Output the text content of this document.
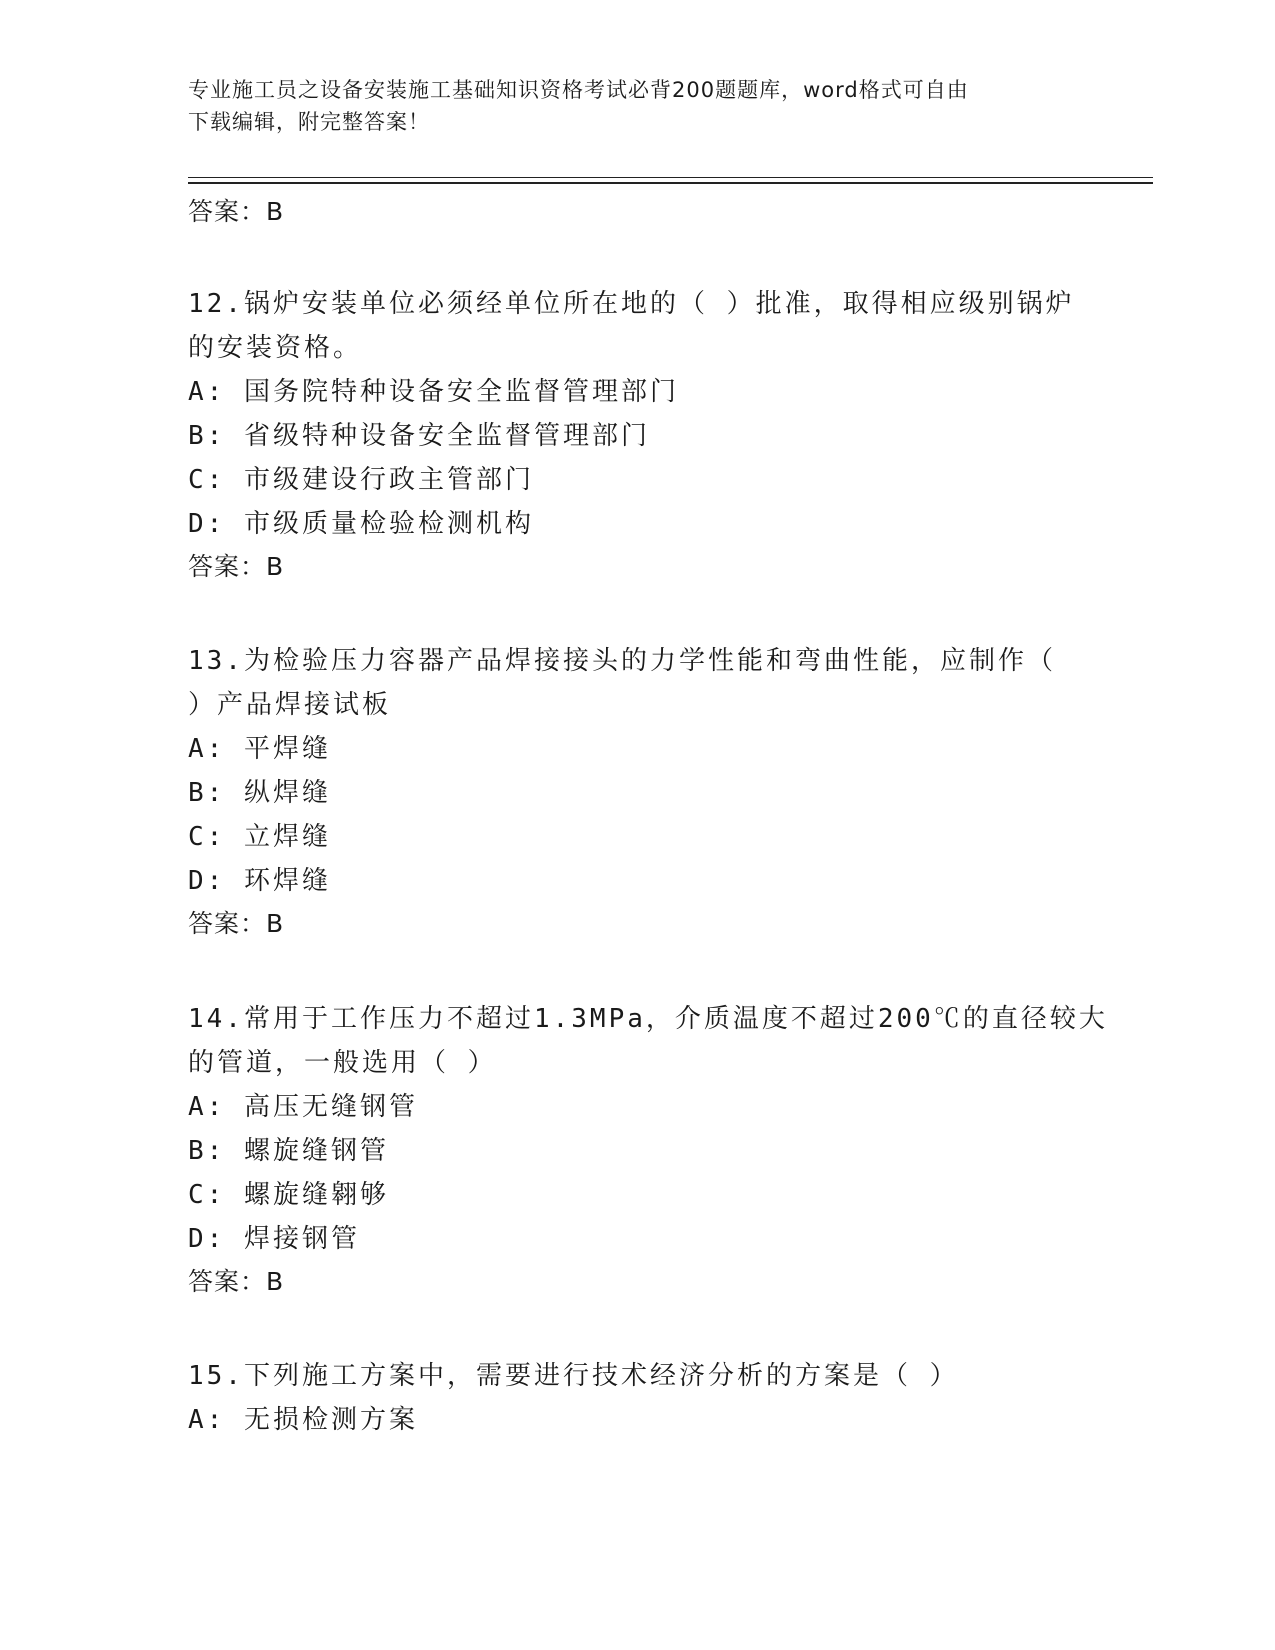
专业施工员之设备安装施工基础知识资格考试必背200题题库，word格式可自由
下载编辑，附完整答案！
答案：B
12.锅炉安装单位必须经单位所在地的（ ）批准，取得相应级别锅炉
的安装资格。
A: 国务院特种设备安全监督管理部门
B: 省级特种设备安全监督管理部门
C: 市级建设行政主管部门
D: 市级质量检验检测机构
答案：B
13.为检验压力容器产品焊接接头的力学性能和弯曲性能，应制作（
）产品焊接试板
A: 平焊缝
B: 纵焊缝
C: 立焊缝
D: 环焊缝
答案：B
14.常用于工作压力不超过1.3MPa，介质温度不超过200℃的直径较大
的管道，一般选用（ ）
A: 高压无缝钢管
B: 螺旋缝钢管
C: 螺旋缝翱够
D: 焊接钢管
答案：B
15.下列施工方案中，需要进行技术经济分析的方案是（ ）
A: 无损检测方案
